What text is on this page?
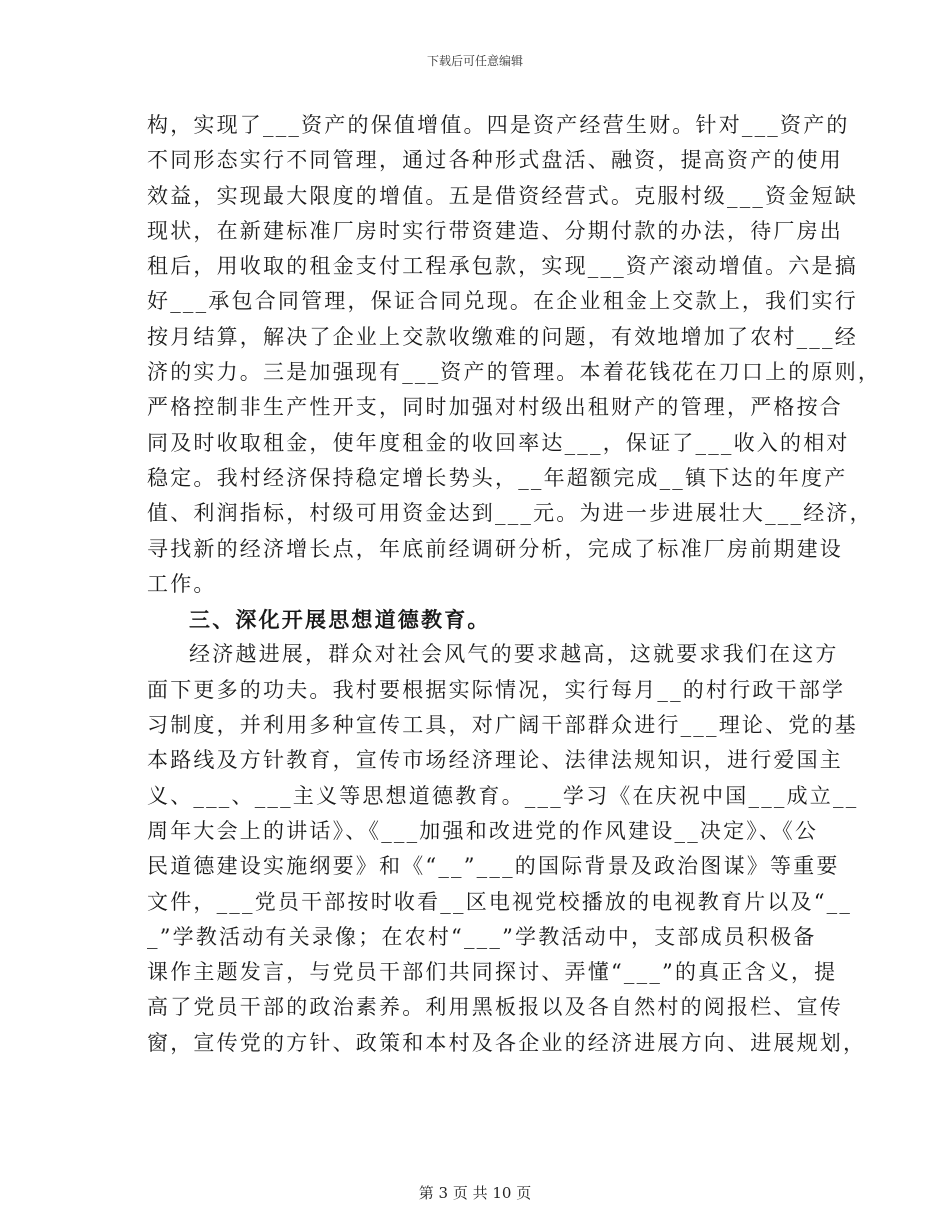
下载后可任意编辑
构，实现了___资产的保值增值。四是资产经营生财。针对___资产的
不同形态实行不同管理，通过各种形式盘活、融资，提高资产的使用
效益，实现最大限度的增值。五是借资经营式。克服村级___资金短缺
现状，在新建标准厂房时实行带资建造、分期付款的办法，待厂房出
租后，用收取的租金支付工程承包款，实现___资产滚动增值。六是搞
好___承包合同管理，保证合同兑现。在企业租金上交款上，我们实行
按月结算，解决了企业上交款收缴难的问题，有效地增加了农村___经
济的实力。三是加强现有___资产的管理。本着花钱花在刀口上的原则，
严格控制非生产性开支，同时加强对村级出租财产的管理，严格按合
同及时收取租金，使年度租金的收回率达___，保证了___收入的相对
稳定。我村经济保持稳定增长势头，__年超额完成__镇下达的年度产
值、利润指标，村级可用资金达到___元。为进一步进展壮大___经济，
寻找新的经济增长点，年底前经调研分析，完成了标准厂房前期建设
工作。
三、深化开展思想道德教育。
经济越进展，群众对社会风气的要求越高，这就要求我们在这方
面下更多的功夫。我村要根据实际情况，实行每月__的村行政干部学
习制度，并利用多种宣传工具，对广阔干部群众进行___理论、党的基
本路线及方针教育，宣传市场经济理论、法律法规知识，进行爱国主
义、___、___主义等思想道德教育。___学习《在庆祝中国___成立__
周年大会上的讲话》、《___加强和改进党的作风建设__决定》、《公
民道德建设实施纲要》和《“__”___的国际背景及政治图谋》等重要
文件，___党员干部按时收看__区电视党校播放的电视教育片以及“__
_”学教活动有关录像；在农村“___”学教活动中，支部成员积极备
课作主题发言，与党员干部们共同探讨、弄懂“___”的真正含义，提
高了党员干部的政治素养。利用黑板报以及各自然村的阅报栏、宣传
窗，宣传党的方针、政策和本村及各企业的经济进展方向、进展规划，
第 3 页 共 10 页
